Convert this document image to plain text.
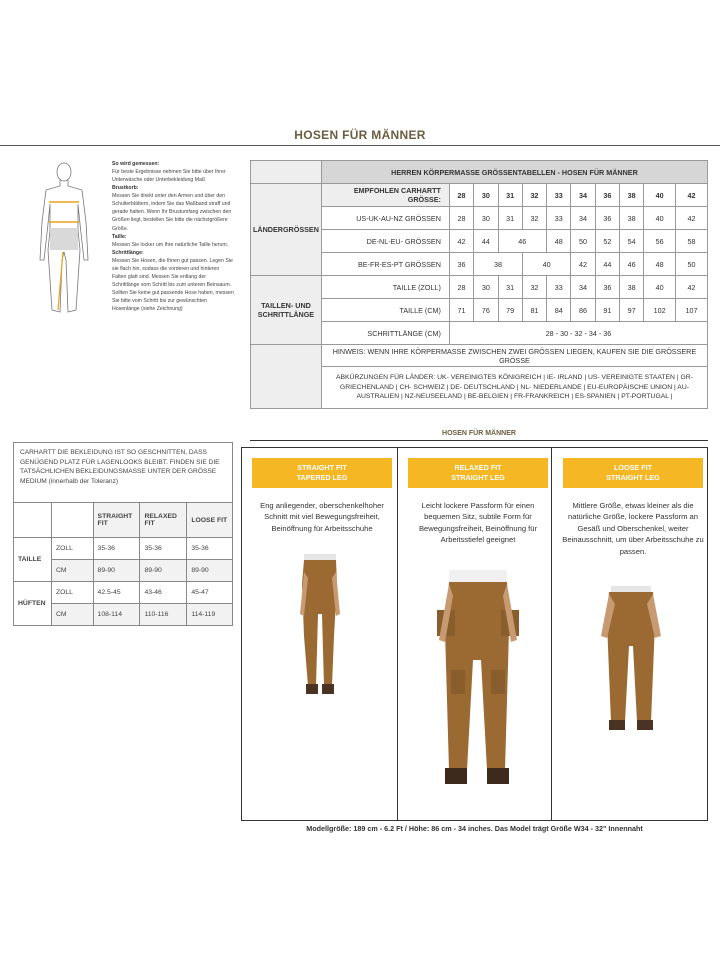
HOSEN FÜR MÄNNER
So wird gemessen:
Für beste Ergebnisse nehmen Sie bitte über Ihrer Unterwäsche oder Unterbekleidung Maß
Brustkorb:
Messen Sie direkt unter den Armen und über den Schulterblättern, indem Sie das Maßband straff und gerade halten. Wenn Ihr Brustumfang zwischen den Größen liegt, bestellen Sie bitte die nächstgrößere Größe.
Taille:
Messen Sie locker um Ihre natürliche Taille herum.
Schrittlänge:
Messen Sie Hosen, die Ihnen gut passen. Legen Sie sie flach hin, sodass die vorderen und hinteren Falten glatt sind. Messen Sie entlang der Schrittlänge vom Schritt bis zum unteren Beinsaum. Sollten Sie keine gut passende Hose haben, messen Sie bitte vom Schritt bis zur gewünschten Hosenlänge (siehe Zeichnung)
	HERREN KÖRPERMASSE GRÖSSENTABELLEN - HOSEN FÜR MÄNNER										
LÄNDERGRÖSSEN	EMPFOHLEN CARHARTT GRÖSSE:	28	30	31	32	33	34	36	38	40	42
	US-UK-AU-NZ GRÖSSEN	28	30	31	32	33	34	36	38	40	42
	DE-NL-EU- GRÖSSEN	42	44	46		48	50	52	54	56	58
	BE-FR-ES-PT GRÖSSEN	36	38		40		42	44	46	48	50
TAILLEN- UND SCHRITTLÄNGE	TAILLE (ZOLL)	28	30	31	32	33	34	36	38	40	42
	TAILLE (CM)	71	76	79	81	84	86	91	97	102	107
	SCHRITTLÄNGE (CM)	28 - 30 - 32 - 34 - 36									
	HINWEIS: WENN IHRE KÖRPERMASSE ZWISCHEN ZWEI GRÖSSEN LIEGEN, KAUFEN SIE DIE GRÖSSERE GRÖSSE										
	ABKÜRZUNGEN FÜR LÄNDER: UK- VEREINIGTES KÖNIGREICH | IE- IRLAND | US- VEREINIGTE STAATEN | GR- GRIECHENLAND | CH- SCHWEIZ | DE- DEUTSCHLAND | NL- NIEDERLANDE | EU-EUROPÄISCHE UNION | AU-AUSTRALIEN | NZ-NEUSEELAND | BE-BELGIEN | FR-FRANKREICH | ES-SPANIEN | PT-PORTUGAL |										
HOSEN FÜR MÄNNER
CARHARTT DIE BEKLEIDUNG IST SO GESCHNITTEN, DASS GENÜGEND PLATZ FÜR LAGENLOOKS BLEIBT. FINDEN SIE DIE TATSÄCHLICHEN BEKLEIDUNGSMASSE UNTER DER GRÖSSE MEDIUM (innerhalb der Toleranz)
		STRAIGHT FIT	RELAXED FIT	LOOSE FIT
TAILLE	ZOLL	35-36	35-36	35-36
	CM	89-90	89-90	89-90
HÜFTEN	ZOLL	42.5-45	43-46	45-47
	CM	108-114	110-116	114-119
STRAIGHT FIT
TAPERED LEG
Eng anliegender, oberschenkelhoher Schnitt mit viel Bewegungsfreiheit, Beinöffnung für Arbeitsschuhe
RELAXED FIT
STRAIGHT LEG
Leicht lockere Passform für einen bequemen Sitz, subtile Form für Bewegungsfreiheit, Beinöffnung für Arbeitsstiefel geeignet
LOOSE FIT
STRAIGHT LEG
Mittlere Größe, etwas kleiner als die natürliche Größe, lockere Passform an Gesäß und Oberschenkel, weiter Beinausschnitt, um über Arbeitsschuhe zu passen.
Modellgröße: 189 cm - 6.2 Ft / Höhe: 86 cm - 34 inches. Das Model trägt Größe W34 - 32" Innennaht
